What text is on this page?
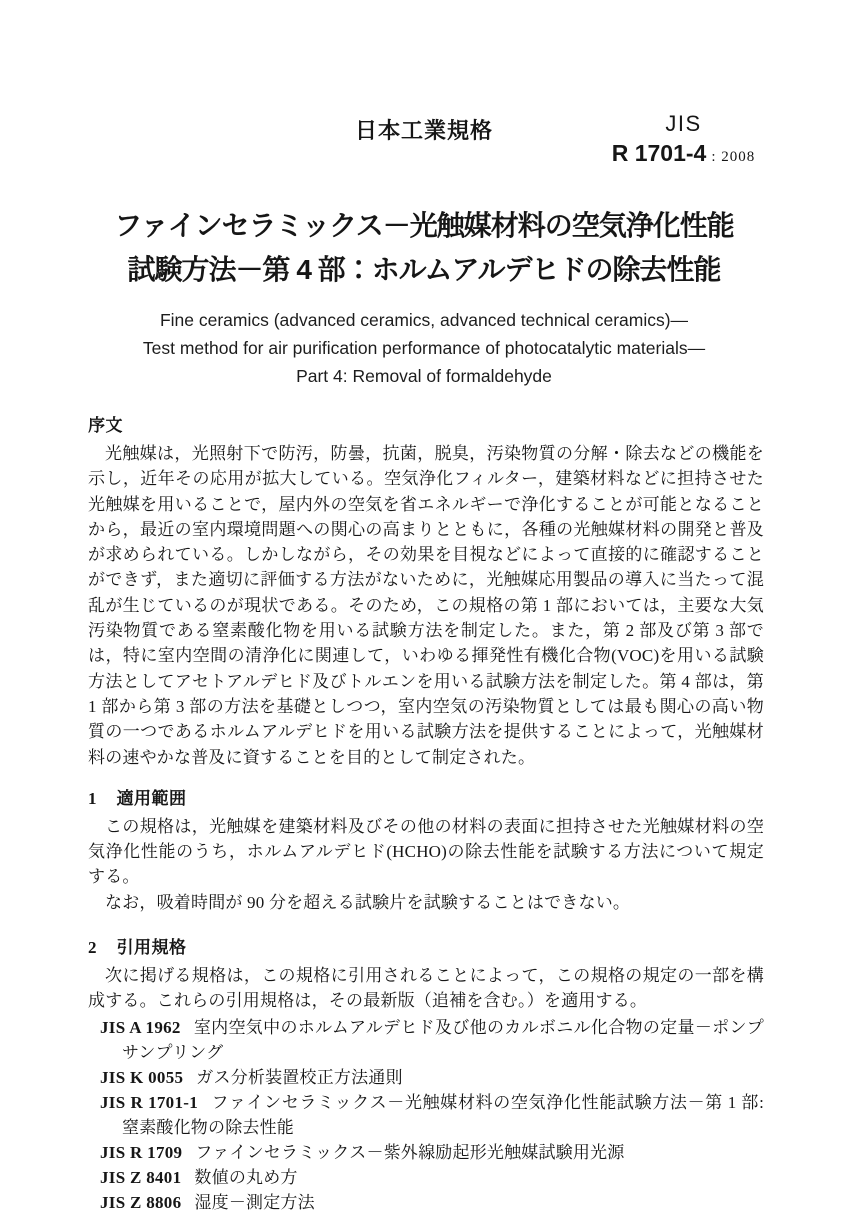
日本工業規格	JIS
R 1701-4 : 2008
ファインセラミックス－光触媒材料の空気浄化性能
試験方法－第 4 部：ホルムアルデヒドの除去性能
Fine ceramics (advanced ceramics, advanced technical ceramics)—
Test method for air purification performance of photocatalytic materials—
Part 4: Removal of formaldehyde
序文

光触媒は，光照射下で防汚，防曇，抗菌，脱臭，汚染物質の分解・除去などの機能を示し，近年その応用が拡大している。空気浄化フィルター，建築材料などに担持させた光触媒を用いることで，屋内外の空気を省エネルギーで浄化することが可能となることから，最近の室内環境問題への関心の高まりとともに，各種の光触媒材料の開発と普及が求められている。しかしながら，その効果を目視などによって直接的に確認することができず，また適切に評価する方法がないために，光触媒応用製品の導入に当たって混乱が生じているのが現状である。そのため，この規格の第 1 部においては，主要な大気汚染物質である窒素酸化物を用いる試験方法を制定した。また，第 2 部及び第 3 部では，特に室内空間の清浄化に関連して，いわゆる揮発性有機化合物(VOC)を用いる試験方法としてアセトアルデヒド及びトルエンを用いる試験方法を制定した。第 4 部は，第 1 部から第 3 部の方法を基礎としつつ，室内空気の汚染物質としては最も関心の高い物質の一つであるホルムアルデヒドを用いる試験方法を提供することによって，光触媒材料の速やかな普及に資することを目的として制定された。

1 適用範囲

この規格は，光触媒を建築材料及びその他の材料の表面に担持させた光触媒材料の空気浄化性能のうち，ホルムアルデヒド(HCHO)の除去性能を試験する方法について規定する。

なお，吸着時間が 90 分を超える試験片を試験することはできない。

2 引用規格

次に掲げる規格は，この規格に引用されることによって，この規格の規定の一部を構成する。これらの引用規格は，その最新版（追補を含む。）を適用する。

JIS A 1962 室内空気中のホルムアルデヒド及び他のカルボニル化合物の定量－ポンプサンプリング
JIS K 0055 ガス分析装置校正方法通則
JIS R 1701-1 ファインセラミックス－光触媒材料の空気浄化性能試験方法－第 1 部:窒素酸化物の除去性能
JIS R 1709 ファインセラミックス－紫外線励起形光触媒試験用光源
JIS Z 8401 数値の丸め方
JIS Z 8806 湿度－測定方法
